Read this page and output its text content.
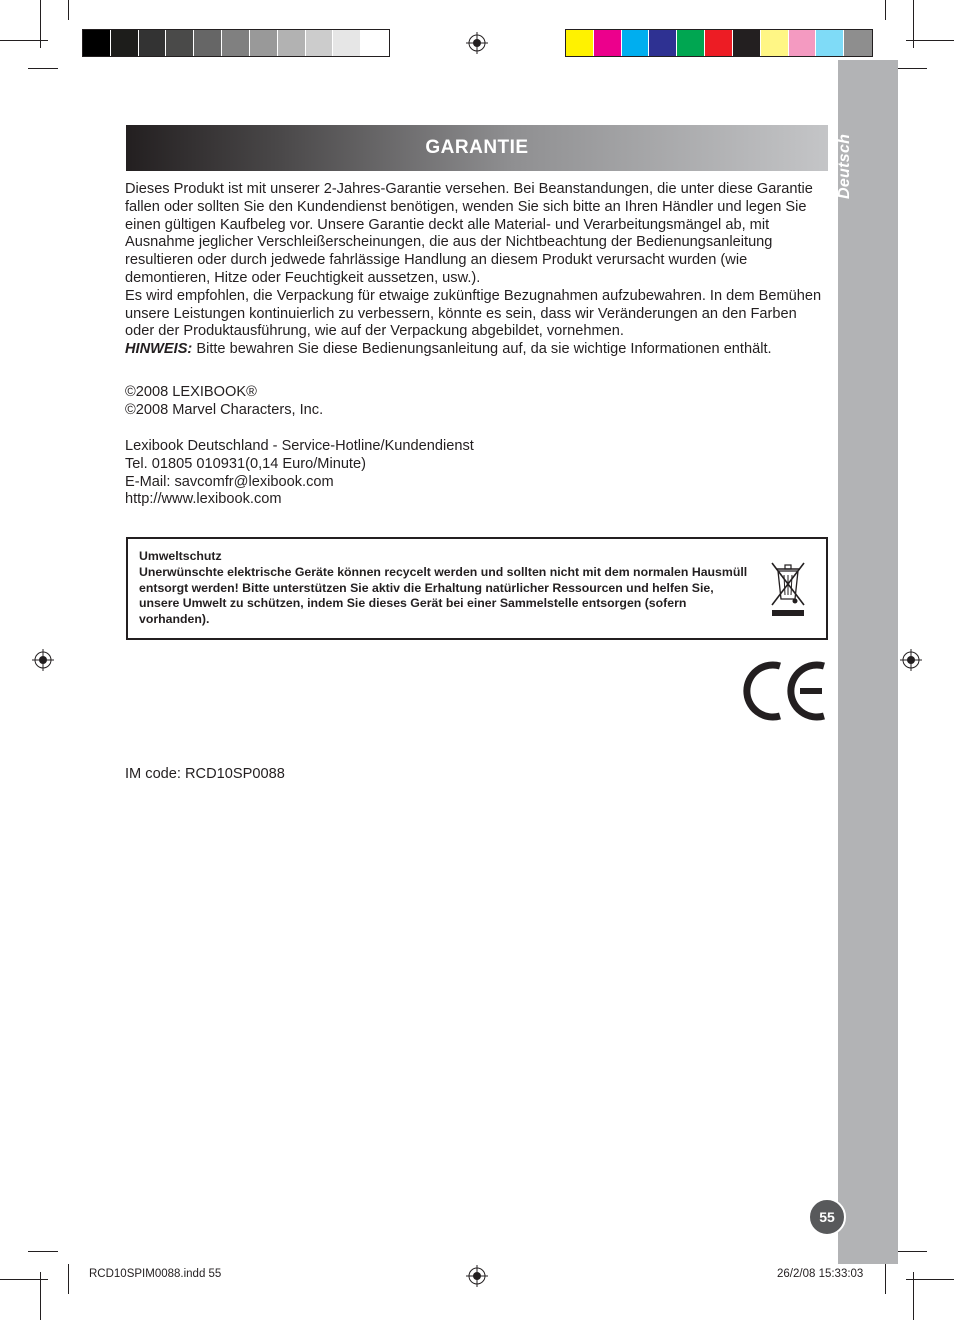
Deutsch
55
GARANTIE

Dieses Produkt ist mit unserer 2-Jahres-Garantie versehen. Bei Beanstandungen, die unter diese Garantie fallen oder sollten Sie den Kundendienst benötigen, wenden Sie sich bitte an Ihren Händler und legen Sie einen gültigen Kaufbeleg vor. Unsere Garantie deckt alle Material- und Verarbeitungsmängel ab, mit Ausnahme jeglicher Verschleißerscheinungen, die aus der Nichtbeachtung der Bedienungsanleitung resultieren oder durch jedwede fahrlässige Handlung an diesem Produkt verursacht wurden (wie demontieren, Hitze oder Feuchtigkeit aussetzen, usw.).

Es wird empfohlen, die Verpackung für etwaige zukünftige Bezugnahmen aufzubewahren. In dem Bemühen unsere Leistungen kontinuierlich zu verbessern, könnte es sein, dass wir Veränderungen an den Farben oder der Produktausführung, wie auf der Verpackung abgebildet, vornehmen.

HINWEIS: Bitte bewahren Sie diese Bedienungsanleitung auf, da sie wichtige Informationen enthält.

©2008 LEXIBOOK®
©2008 Marvel Characters, Inc.
Lexibook Deutschland - Service-Hotline/Kundendienst
Tel. 01805 010931(0,14 Euro/Minute)
E-Mail: savcomfr@lexibook.com
http://www.lexibook.com
Umweltschutz
Unerwünschte elektrische Geräte können recycelt werden und sollten nicht mit dem normalen Hausmüll entsorgt werden! Bitte unterstützen Sie aktiv die Erhaltung natürlicher Ressourcen und helfen Sie, unsere Umwelt zu schützen, indem Sie dieses Gerät bei einer Sammelstelle entsorgen (sofern vorhanden).
IM code: RCD10SP0088
RCD10SPIM0088.indd 55	26/2/08 15:33:03
